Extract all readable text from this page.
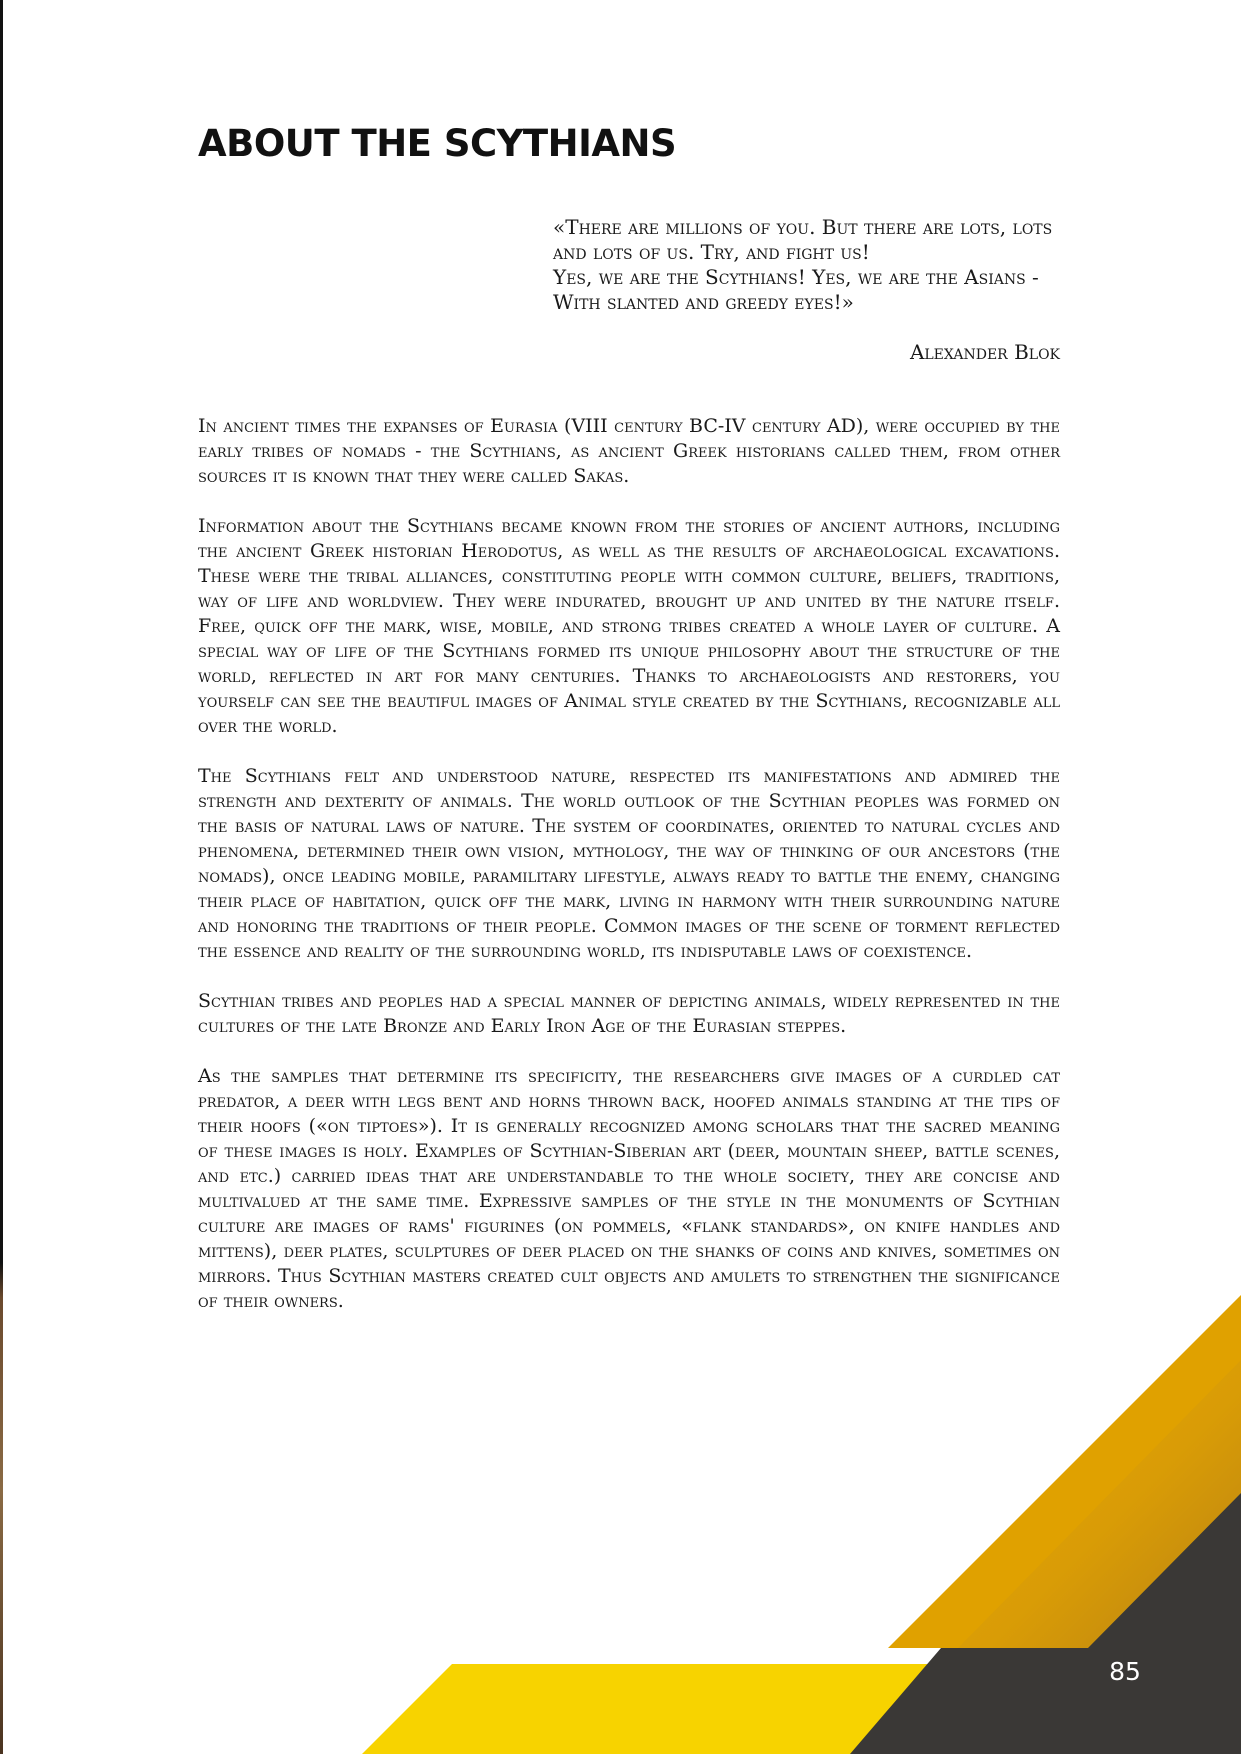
ABOUT THE SCYTHIANS

«There are millions of you. But there are lots, lots and lots of us. Try, and fight us!

Yes, we are the Scythians! Yes, we are the Asians - With slanted and greedy eyes!»

Alexander Blok

In ancient times the expanses of Eurasia (VIII century BC-IV century AD), were occupied by the early tribes of nomads - the Scythians, as ancient Greek historians called them, from other sources it is known that they were called Sakas.

Information about the Scythians became known from the stories of ancient authors, including the ancient Greek historian Herodotus, as well as the results of archaeological excavations. These were the tribal alliances, constituting people with common culture, beliefs, traditions, way of life and worldview. They were indurated, brought up and united by the nature itself. Free, quick off the mark, wise, mobile, and strong tribes created a whole layer of culture. A special way of life of the Scythians formed its unique philosophy about the structure of the world, reflected in art for many centuries. Thanks to archaeologists and restorers, you yourself can see the beautiful images of Animal style created by the Scythians, recognizable all over the world.

The Scythians felt and understood nature, respected its manifestations and admired the strength and dexterity of animals. The world outlook of the Scythian peoples was formed on the basis of natural laws of nature. The system of coordinates, oriented to natural cycles and phenomena, determined their own vision, mythology, the way of thinking of our ancestors (the nomads), once leading mobile, paramilitary lifestyle, always ready to battle the enemy, changing their place of habitation, quick off the mark, living in harmony with their surrounding nature and honoring the traditions of their people. Common images of the scene of torment reflected the essence and reality of the surrounding world, its indisputable laws of coexistence.

Scythian tribes and peoples had a special manner of depicting animals, widely represented in the cultures of the late Bronze and Early Iron Age of the Eurasian steppes.

As the samples that determine its specificity, the researchers give images of a curdled cat predator, a deer with legs bent and horns thrown back, hoofed animals standing at the tips of their hoofs («on tiptoes»). It is generally recognized among scholars that the sacred meaning of these images is holy. Examples of Scythian-Siberian art (deer, mountain sheep, battle scenes, and etc.) carried ideas that are understandable to the whole society, they are concise and multivalued at the same time. Expressive samples of the style in the monuments of Scythian culture are images of rams' figurines (on pommels, «flank standards», on knife handles and mittens), deer plates, sculptures of deer placed on the shanks of coins and knives, sometimes on mirrors. Thus Scythian masters created cult objects and amulets to strengthen the significance of their owners.

85
